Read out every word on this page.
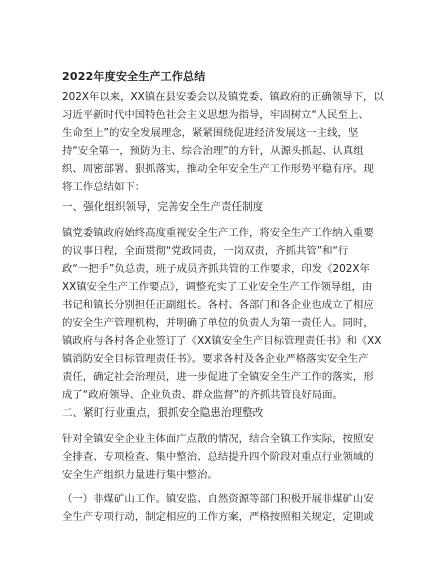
2022年度安全生产工作总结
202X年以来，XX镇在县安委会以及镇党委、镇政府的正确领导下，以
习近平新时代中国特色社会主义思想为指导，牢固树立“人民至上、
生命至上”的安全发展理念，紧紧围绕促进经济发展这一主线，坚
持“安全第一，预防为主、综合治理”的方针，从源头抓起、认真组
织、周密部署、狠抓落实，推动全年安全生产工作形势平稳有序。现
将工作总结如下：
一、强化组织领导，完善安全生产责任制度
镇党委镇政府始终高度重视安全生产工作，将安全生产工作纳入重要
的议事日程，全面贯彻“党政同责，一岗双责，齐抓共管”和“行
政“一把手”负总责，班子成员齐抓共管的工作要求，印发《202X年
XX镇安全生产工作要点》，调整充实了工业安全生产工作领导组，由
书记和镇长分别担任正副组长。各村、各部门和各企业也成立了相应
的安全生产管理机构，并明确了单位的负责人为第一责任人。同时，
镇政府与各村各企业签订了《XX镇安全生产目标管理责任书》和《XX
镇消防安全目标管理责任书》。要求各村及各企业严格落实安全生产
责任，确定社会治理员，进一步促进了全镇安全生产工作的落实，形
成了“政府领导、企业负责、群众监督”的齐抓共管良好局面。
二、紧盯行业重点，狠抓安全隐患治理整改
针对全镇安全企业主体面广点散的情况，结合全镇工作实际，按照安
全排查、专项检查、集中整治、总结提升四个阶段对重点行业领域的
安全生产组织力量进行集中整治。
（一）非煤矿山工作。镇安监、自然资源等部门积极开展非煤矿山安
全生产专项行动，制定相应的工作方案，严格按照相关规定，定期或
